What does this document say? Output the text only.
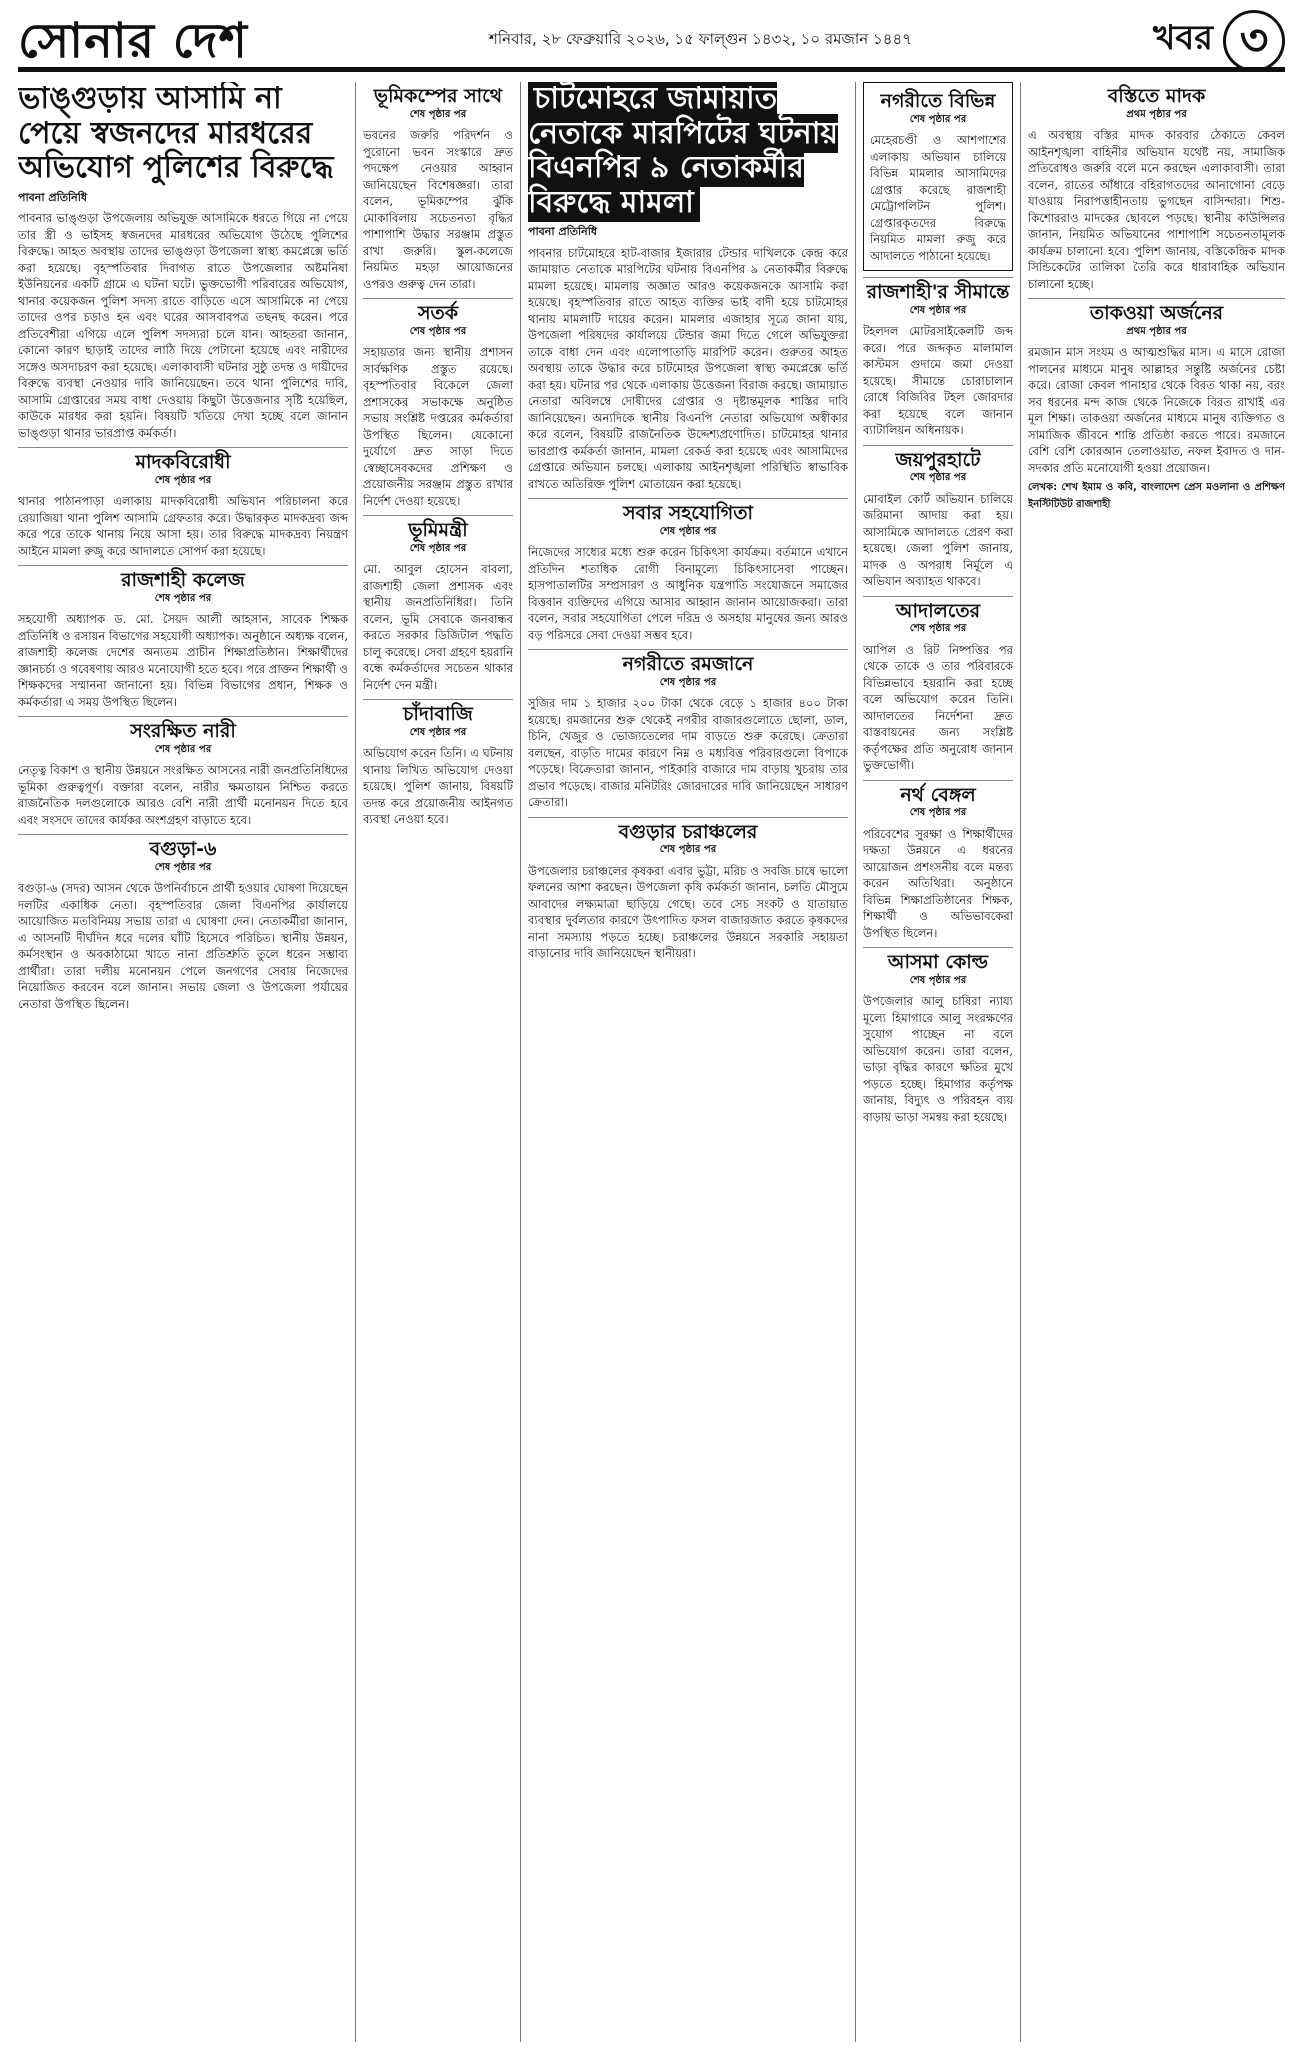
সোনার দেশ	শনিবার, ২৮ ফেব্রুয়ারি ২০২৬, ১৫ ফাল্গুন ১৪৩২, ১০ রমজান ১৪৪৭	খবর ৩
ভাঙ্গুড়ায় আসামি না পেয়ে স্বজনদের মারধরের অভিযোগ পুলিশের বিরুদ্ধে
পাবনা প্রতিনিধি

পাবনার ভাঙ্গুড়া উপজেলায় অভিযুক্ত আসামিকে ধরতে গিয়ে না পেয়ে তার স্ত্রী ও ভাইসহ স্বজনদের মারধরের অভিযোগ উঠেছে পুলিশের বিরুদ্ধে। আহত অবস্থায় তাদের ভাঙ্গুড়া উপজেলা স্বাস্থ্য কমপ্লেক্সে ভর্তি করা হয়েছে। বৃহস্পতিবার দিবাগত রাতে উপজেলার অষ্টমনিষা ইউনিয়নের একটি গ্রামে এ ঘটনা ঘটে। ভুক্তভোগী পরিবারের অভিযোগ, থানার কয়েকজন পুলিশ সদস্য রাতে বাড়িতে এসে আসামিকে না পেয়ে তাদের ওপর চড়াও হন এবং ঘরের আসবাবপত্র তছনছ করেন। পরে প্রতিবেশীরা এগিয়ে এলে পুলিশ সদস্যরা চলে যান। আহতরা জানান, কোনো কারণ ছাড়াই তাদের লাঠি দিয়ে পেটানো হয়েছে এবং নারীদের সঙ্গেও অসদাচরণ করা হয়েছে। এলাকাবাসী ঘটনার সুষ্ঠু তদন্ত ও দায়ীদের বিরুদ্ধে ব্যবস্থা নেওয়ার দাবি জানিয়েছেন। তবে থানা পুলিশের দাবি, আসামি গ্রেপ্তারের সময় বাধা দেওয়ায় কিছুটা উত্তেজনার সৃষ্টি হয়েছিল, কাউকে মারধর করা হয়নি। বিষয়টি খতিয়ে দেখা হচ্ছে বলে জানান ভাঙ্গুড়া থানার ভারপ্রাপ্ত কর্মকর্তা।

মাদকবিরোধী
শেষ পৃষ্ঠার পর

থানার পাঠানপাড়া এলাকায় মাদকবিরোধী অভিযান পরিচালনা করে রেয়াজিয়া থানা পুলিশ আসামি গ্রেফতার করে। উদ্ধারকৃত মাদকদ্রব্য জব্দ করে পরে তাকে থানায় নিয়ে আসা হয়। তার বিরুদ্ধে মাদকদ্রব্য নিয়ন্ত্রণ আইনে মামলা রুজু করে আদালতে সোপর্দ করা হয়েছে।

রাজশাহী কলেজ
শেষ পৃষ্ঠার পর

সহযোগী অধ্যাপক ড. মো. সৈয়দ আলী আহসান, সাবেক শিক্ষক প্রতিনিধি ও রসায়ন বিভাগের সহযোগী অধ্যাপক। অনুষ্ঠানে অধ্যক্ষ বলেন, রাজশাহী কলেজ দেশের অন্যতম প্রাচীন শিক্ষাপ্রতিষ্ঠান। শিক্ষার্থীদের জ্ঞানচর্চা ও গবেষণায় আরও মনোযোগী হতে হবে। পরে প্রাক্তন শিক্ষার্থী ও শিক্ষকদের সম্মাননা জানানো হয়। বিভিন্ন বিভাগের প্রধান, শিক্ষক ও কর্মকর্তারা এ সময় উপস্থিত ছিলেন।

সংরক্ষিত নারী
শেষ পৃষ্ঠার পর

নেতৃত্ব বিকাশ ও স্থানীয় উন্নয়নে সংরক্ষিত আসনের নারী জনপ্রতিনিধিদের ভূমিকা গুরুত্বপূর্ণ। বক্তারা বলেন, নারীর ক্ষমতায়ন নিশ্চিত করতে রাজনৈতিক দলগুলোকে আরও বেশি নারী প্রার্থী মনোনয়ন দিতে হবে এবং সংসদে তাদের কার্যকর অংশগ্রহণ বাড়াতে হবে।

বগুড়া-৬
শেষ পৃষ্ঠার পর

বগুড়া-৬ (সদর) আসন থেকে উপনির্বাচনে প্রার্থী হওয়ার ঘোষণা দিয়েছেন দলটির একাধিক নেতা। বৃহস্পতিবার জেলা বিএনপির কার্যালয়ে আয়োজিত মতবিনিময় সভায় তারা এ ঘোষণা দেন। নেতাকর্মীরা জানান, এ আসনটি দীর্ঘদিন ধরে দলের ঘাঁটি হিসেবে পরিচিত। স্থানীয় উন্নয়ন, কর্মসংস্থান ও অবকাঠামো খাতে নানা প্রতিশ্রুতি তুলে ধরেন সম্ভাব্য প্রার্থীরা। তারা দলীয় মনোনয়ন পেলে জনগণের সেবায় নিজেদের নিয়োজিত করবেন বলে জানান। সভায় জেলা ও উপজেলা পর্যায়ের নেতারা উপস্থিত ছিলেন।

ভূমিকম্পের সাথে
শেষ পৃষ্ঠার পর

ভবনের জরুরি পরিদর্শন ও পুরোনো ভবন সংস্কারে দ্রুত পদক্ষেপ নেওয়ার আহ্বান জানিয়েছেন বিশেষজ্ঞরা। তারা বলেন, ভূমিকম্পের ঝুঁকি মোকাবিলায় সচেতনতা বৃদ্ধির পাশাপাশি উদ্ধার সরঞ্জাম প্রস্তুত রাখা জরুরি। স্কুল-কলেজে নিয়মিত মহড়া আয়োজনের ওপরও গুরুত্ব দেন তারা।

সতর্ক
শেষ পৃষ্ঠার পর

সহায়তার জন্য স্থানীয় প্রশাসন সার্বক্ষণিক প্রস্তুত রয়েছে। বৃহস্পতিবার বিকেলে জেলা প্রশাসকের সভাকক্ষে অনুষ্ঠিত সভায় সংশ্লিষ্ট দপ্তরের কর্মকর্তারা উপস্থিত ছিলেন। যেকোনো দুর্যোগে দ্রুত সাড়া দিতে স্বেচ্ছাসেবকদের প্রশিক্ষণ ও প্রয়োজনীয় সরঞ্জাম প্রস্তুত রাখার নির্দেশ দেওয়া হয়েছে।

ভূমিমন্ত্রী
শেষ পৃষ্ঠার পর

মো. আবুল হোসেন বাবলা, রাজশাহী জেলা প্রশাসক এবং স্থানীয় জনপ্রতিনিধিরা। তিনি বলেন, ভূমি সেবাকে জনবান্ধব করতে সরকার ডিজিটাল পদ্ধতি চালু করেছে। সেবা গ্রহণে হয়রানি বন্ধে কর্মকর্তাদের সচেতন থাকার নির্দেশ দেন মন্ত্রী।

চাঁদাবাজি
শেষ পৃষ্ঠার পর

অভিযোগ করেন তিনি। এ ঘটনায় থানায় লিখিত অভিযোগ দেওয়া হয়েছে। পুলিশ জানায়, বিষয়টি তদন্ত করে প্রয়োজনীয় আইনগত ব্যবস্থা নেওয়া হবে।

চাটমোহরে জামায়াত নেতাকে মারপিটের ঘটনায় বিএনপির ৯ নেতাকর্মীর বিরুদ্ধে মামলা
পাবনা প্রতিনিধি

পাবনার চাটমোহরে হাট-বাজার ইজারার টেন্ডার দাখিলকে কেন্দ্র করে জামায়াত নেতাকে মারপিটের ঘটনায় বিএনপির ৯ নেতাকর্মীর বিরুদ্ধে মামলা হয়েছে। মামলায় অজ্ঞাত আরও কয়েকজনকে আসামি করা হয়েছে। বৃহস্পতিবার রাতে আহত ব্যক্তির ভাই বাদী হয়ে চাটমোহর থানায় মামলাটি দায়ের করেন। মামলার এজাহার সূত্রে জানা যায়, উপজেলা পরিষদের কার্যালয়ে টেন্ডার জমা দিতে গেলে অভিযুক্তরা তাকে বাধা দেন এবং এলোপাতাড়ি মারপিট করেন। গুরুতর আহত অবস্থায় তাকে উদ্ধার করে চাটমোহর উপজেলা স্বাস্থ্য কমপ্লেক্সে ভর্তি করা হয়। ঘটনার পর থেকে এলাকায় উত্তেজনা বিরাজ করছে। জামায়াত নেতারা অবিলম্বে দোষীদের গ্রেপ্তার ও দৃষ্টান্তমূলক শাস্তির দাবি জানিয়েছেন। অন্যদিকে স্থানীয় বিএনপি নেতারা অভিযোগ অস্বীকার করে বলেন, বিষয়টি রাজনৈতিক উদ্দেশ্যপ্রণোদিত। চাটমোহর থানার ভারপ্রাপ্ত কর্মকর্তা জানান, মামলা রেকর্ড করা হয়েছে এবং আসামিদের গ্রেপ্তারে অভিযান চলছে। এলাকায় আইনশৃঙ্খলা পরিস্থিতি স্বাভাবিক রাখতে অতিরিক্ত পুলিশ মোতায়েন করা হয়েছে।

সবার সহযোগিতা
শেষ পৃষ্ঠার পর

নিজেদের সাধ্যের মধ্যে শুরু করেন চিকিৎসা কার্যক্রম। বর্তমানে এখানে প্রতিদিন শতাধিক রোগী বিনামূল্যে চিকিৎসাসেবা পাচ্ছেন। হাসপাতালটির সম্প্রসারণ ও আধুনিক যন্ত্রপাতি সংযোজনে সমাজের বিত্তবান ব্যক্তিদের এগিয়ে আসার আহ্বান জানান আয়োজকরা। তারা বলেন, সবার সহযোগিতা পেলে দরিদ্র ও অসহায় মানুষের জন্য আরও বড় পরিসরে সেবা দেওয়া সম্ভব হবে।

নগরীতে রমজানে
শেষ পৃষ্ঠার পর

সুজির দাম ১ হাজার ২০০ টাকা থেকে বেড়ে ১ হাজার ৪০০ টাকা হয়েছে। রমজানের শুরু থেকেই নগরীর বাজারগুলোতে ছোলা, ডাল, চিনি, খেজুর ও ভোজ্যতেলের দাম বাড়তে শুরু করেছে। ক্রেতারা বলছেন, বাড়তি দামের কারণে নিম্ন ও মধ্যবিত্ত পরিবারগুলো বিপাকে পড়েছে। বিক্রেতারা জানান, পাইকারি বাজারে দাম বাড়ায় খুচরায় তার প্রভাব পড়েছে। বাজার মনিটরিং জোরদারের দাবি জানিয়েছেন সাধারণ ক্রেতারা।

বগুড়ার চরাঞ্চলের
শেষ পৃষ্ঠার পর

উপজেলার চরাঞ্চলের কৃষকরা এবার ভুট্টা, মরিচ ও সবজি চাষে ভালো ফলনের আশা করছেন। উপজেলা কৃষি কর্মকর্তা জানান, চলতি মৌসুমে আবাদের লক্ষ্যমাত্রা ছাড়িয়ে গেছে। তবে সেচ সংকট ও যাতায়াত ব্যবস্থার দুর্বলতার কারণে উৎপাদিত ফসল বাজারজাত করতে কৃষকদের নানা সমস্যায় পড়তে হচ্ছে। চরাঞ্চলের উন্নয়নে সরকারি সহায়তা বাড়ানোর দাবি জানিয়েছেন স্থানীয়রা।

নগরীতে বিভিন্ন
শেষ পৃষ্ঠার পর

মেহেরচণ্ডী ও আশপাশের এলাকায় অভিযান চালিয়ে বিভিন্ন মামলার আসামিদের গ্রেপ্তার করেছে রাজশাহী মেট্রোপলিটন পুলিশ। গ্রেপ্তারকৃতদের বিরুদ্ধে নিয়মিত মামলা রুজু করে আদালতে পাঠানো হয়েছে।

রাজশাহী'র সীমান্তে
শেষ পৃষ্ঠার পর

টহলদল মোটরসাইকেলটি জব্দ করে। পরে জব্দকৃত মালামাল কাস্টমস গুদামে জমা দেওয়া হয়েছে। সীমান্তে চোরাচালান রোধে বিজিবির টহল জোরদার করা হয়েছে বলে জানান ব্যাটালিয়ন অধিনায়ক।

জয়পুরহাটে
শেষ পৃষ্ঠার পর

মোবাইল কোর্ট অভিযান চালিয়ে জরিমানা আদায় করা হয়। আসামিকে আদালতে প্রেরণ করা হয়েছে। জেলা পুলিশ জানায়, মাদক ও অপরাধ নির্মূলে এ অভিযান অব্যাহত থাকবে।

আদালতের
শেষ পৃষ্ঠার পর

আপিল ও রিট নিষ্পত্তির পর থেকে তাকে ও তার পরিবারকে বিভিন্নভাবে হয়রানি করা হচ্ছে বলে অভিযোগ করেন তিনি। আদালতের নির্দেশনা দ্রুত বাস্তবায়নের জন্য সংশ্লিষ্ট কর্তৃপক্ষের প্রতি অনুরোধ জানান ভুক্তভোগী।

নর্থ বেঙ্গল
শেষ পৃষ্ঠার পর

পরিবেশের সুরক্ষা ও শিক্ষার্থীদের দক্ষতা উন্নয়নে এ ধরনের আয়োজন প্রশংসনীয় বলে মন্তব্য করেন অতিথিরা। অনুষ্ঠানে বিভিন্ন শিক্ষাপ্রতিষ্ঠানের শিক্ষক, শিক্ষার্থী ও অভিভাবকেরা উপস্থিত ছিলেন।

আসমা কোল্ড
শেষ পৃষ্ঠার পর

উপজেলার আলু চাষিরা ন্যায্য মূল্যে হিমাগারে আলু সংরক্ষণের সুযোগ পাচ্ছেন না বলে অভিযোগ করেন। তারা বলেন, ভাড়া বৃদ্ধির কারণে ক্ষতির মুখে পড়তে হচ্ছে। হিমাগার কর্তৃপক্ষ জানায়, বিদ্যুৎ ও পরিবহন ব্যয় বাড়ায় ভাড়া সমন্বয় করা হয়েছে।

বস্তিতে মাদক
প্রথম পৃষ্ঠার পর

এ অবস্থায় বস্তির মাদক কারবার ঠেকাতে কেবল আইনশৃঙ্খলা বাহিনীর অভিযান যথেষ্ট নয়, সামাজিক প্রতিরোধও জরুরি বলে মনে করছেন এলাকাবাসী। তারা বলেন, রাতের আঁধারে বহিরাগতদের আনাগোনা বেড়ে যাওয়ায় নিরাপত্তাহীনতায় ভুগছেন বাসিন্দারা। শিশু-কিশোররাও মাদকের ছোবলে পড়ছে। স্থানীয় কাউন্সিলর জানান, নিয়মিত অভিযানের পাশাপাশি সচেতনতামূলক কার্যক্রম চালানো হবে। পুলিশ জানায়, বস্তিকেন্দ্রিক মাদক সিন্ডিকেটের তালিকা তৈরি করে ধারাবাহিক অভিযান চালানো হচ্ছে।

তাকওয়া অর্জনের
প্রথম পৃষ্ঠার পর

রমজান মাস সংযম ও আত্মশুদ্ধির মাস। এ মাসে রোজা পালনের মাধ্যমে মানুষ আল্লাহর সন্তুষ্টি অর্জনের চেষ্টা করে। রোজা কেবল পানাহার থেকে বিরত থাকা নয়, বরং সব ধরনের মন্দ কাজ থেকে নিজেকে বিরত রাখাই এর মূল শিক্ষা। তাকওয়া অর্জনের মাধ্যমে মানুষ ব্যক্তিগত ও সামাজিক জীবনে শান্তি প্রতিষ্ঠা করতে পারে। রমজানে বেশি বেশি কোরআন তেলাওয়াত, নফল ইবাদত ও দান-সদকার প্রতি মনোযোগী হওয়া প্রয়োজন।

লেখক: শেখ ইমাম ও কবি, বাংলাদেশ প্রেস মওলানা ও প্রশিক্ষণ ইনস্টিটিউট রাজশাহী
